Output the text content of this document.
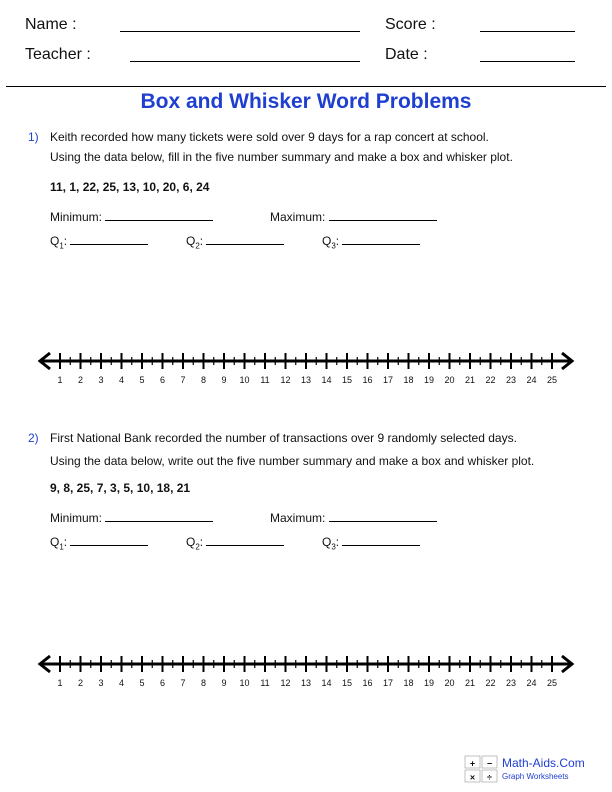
Name :	Score :
Teacher :	Date :
Box and Whisker Word Problems
1) Keith recorded how many tickets were sold over 9 days for a rap concert at school.
Using the data below, fill in the five number summary and make a box and whisker plot.
11, 1, 22, 25, 13, 10, 20, 6, 24
Minimum:	Maximum:
$Q_1$:	$Q_2$:	$Q_3$:
1 2 3 4 5 6 7 8 9 10 11 12 13 14 15 16 17 18 19 20 21 22 23 24 25
2) First National Bank recorded the number of transactions over 9 randomly selected days.
Using the data below, write out the five number summary and make a box and whisker plot.
9, 8, 25, 7, 3, 5, 10, 18, 21
Minimum:	Maximum:
$Q_1$:	$Q_2$:	$Q_3$:
1 2 3 4 5 6 7 8 9 10 11 12 13 14 15 16 17 18 19 20 21 22 23 24 25
+ −
× ÷
Math-Aids.Com
Graph Worksheets
